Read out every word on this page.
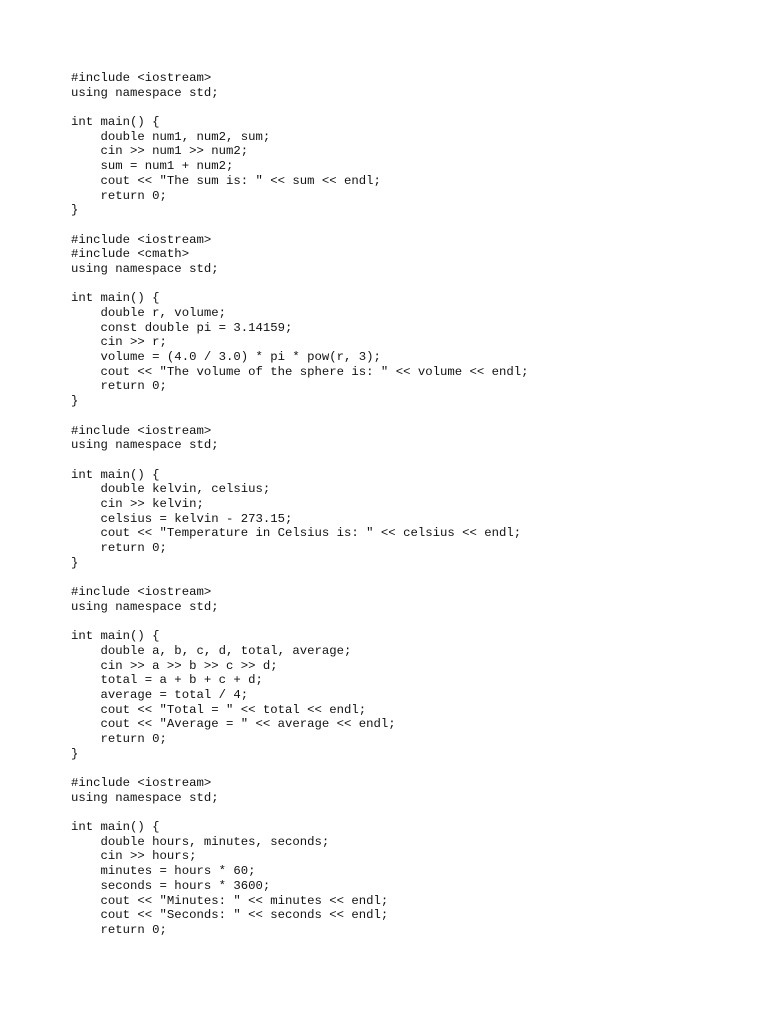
#include <iostream>
using namespace std;
int main() {
double num1, num2, sum;
cin >> num1 >> num2;
sum = num1 + num2;
cout << "The sum is: " << sum << endl;
return 0;
}
#include <iostream>
#include <cmath>
using namespace std;
int main() {
double r, volume;
const double pi = 3.14159;
cin >> r;
volume = (4.0 / 3.0) * pi * pow(r, 3);
cout << "The volume of the sphere is: " << volume << endl;
return 0;
}
#include <iostream>
using namespace std;
int main() {
double kelvin, celsius;
cin >> kelvin;
celsius = kelvin - 273.15;
cout << "Temperature in Celsius is: " << celsius << endl;
return 0;
}
#include <iostream>
using namespace std;
int main() {
double a, b, c, d, total, average;
cin >> a >> b >> c >> d;
total = a + b + c + d;
average = total / 4;
cout << "Total = " << total << endl;
cout << "Average = " << average << endl;
return 0;
}
#include <iostream>
using namespace std;
int main() {
double hours, minutes, seconds;
cin >> hours;
minutes = hours * 60;
seconds = hours * 3600;
cout << "Minutes: " << minutes << endl;
cout << "Seconds: " << seconds << endl;
return 0;
